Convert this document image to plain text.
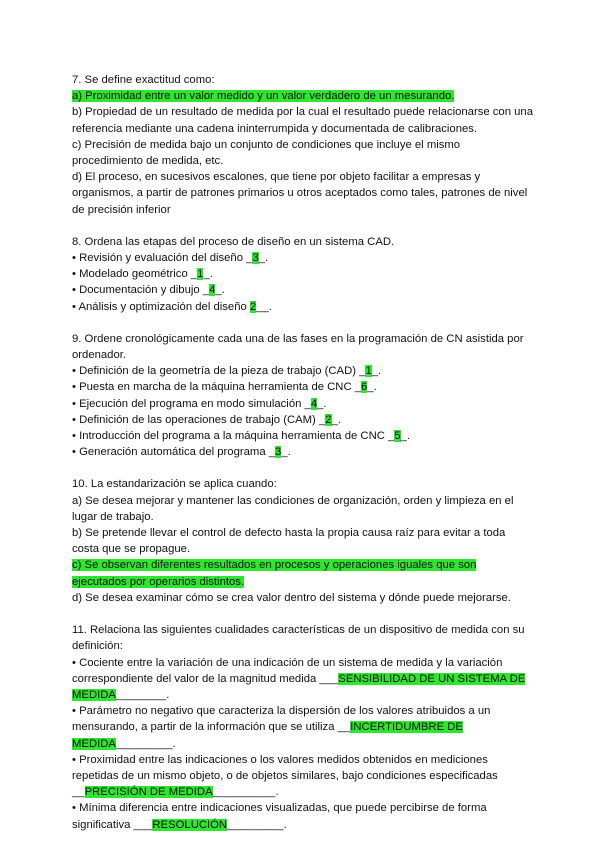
7. Se define exactitud como:
a) Proximidad entre un valor medido y un valor verdadero de un mesurando.
b) Propiedad de un resultado de medida por la cual el resultado puede relacionarse con una referencia mediante una cadena ininterrumpida y documentada de calibraciones.
c) Precisión de medida bajo un conjunto de condiciones que incluye el mismo procedimiento de medida, etc.
d) El proceso, en sucesivos escalones, que tiene por objeto facilitar a empresas y organismos, a partir de patrones primarios u otros aceptados como tales, patrones de nivel de precisión inferior
8. Ordena las etapas del proceso de diseño en un sistema CAD.
• Revisión y evaluación del diseño _3_.
• Modelado geométrico _1_.
• Documentación y dibujo _4_.
• Análisis y optimización del diseño 2__.
9. Ordene cronológicamente cada una de las fases en la programación de CN asistida por ordenador.
• Definición de la geometría de la pieza de trabajo (CAD) _1_.
• Puesta en marcha de la máquina herramienta de CNC _6_.
• Ejecución del programa en modo simulación _4_.
• Definición de las operaciones de trabajo (CAM) _2_.
• Introducción del programa a la máquina herramienta de CNC _5_.
• Generación automática del programa _3_.
10. La estandarización se aplica cuando:
a) Se desea mejorar y mantener las condiciones de organización, orden y limpieza en el lugar de trabajo.
b) Se pretende llevar el control de defecto hasta la propia causa raíz para evitar a toda costa que se propague.
c) Se observan diferentes resultados en procesos y operaciones iguales que son ejecutados por operarios distintos.
d) Se desea examinar cómo se crea valor dentro del sistema y dónde puede mejorarse.
11. Relaciona las siguientes cualidades características de un dispositivo de medida con su definición:
• Cociente entre la variación de una indicación de un sistema de medida y la variación correspondiente del valor de la magnitud medida ___SENSIBILIDAD DE UN SISTEMA DE MEDIDA________.
• Parámetro no negativo que caracteriza la dispersión de los valores atribuidos a un mensurando, a partir de la información que se utiliza __INCERTIDUMBRE DE MEDIDA_________.
• Proximidad entre las indicaciones o los valores medidos obtenidos en mediciones repetidas de un mismo objeto, o de objetos similares, bajo condiciones especificadas __PRECISIÓN DE MEDIDA__________.
• Mínima diferencia entre indicaciones visualizadas, que puede percibirse de forma significativa ___RESOLUCIÓN_________.
